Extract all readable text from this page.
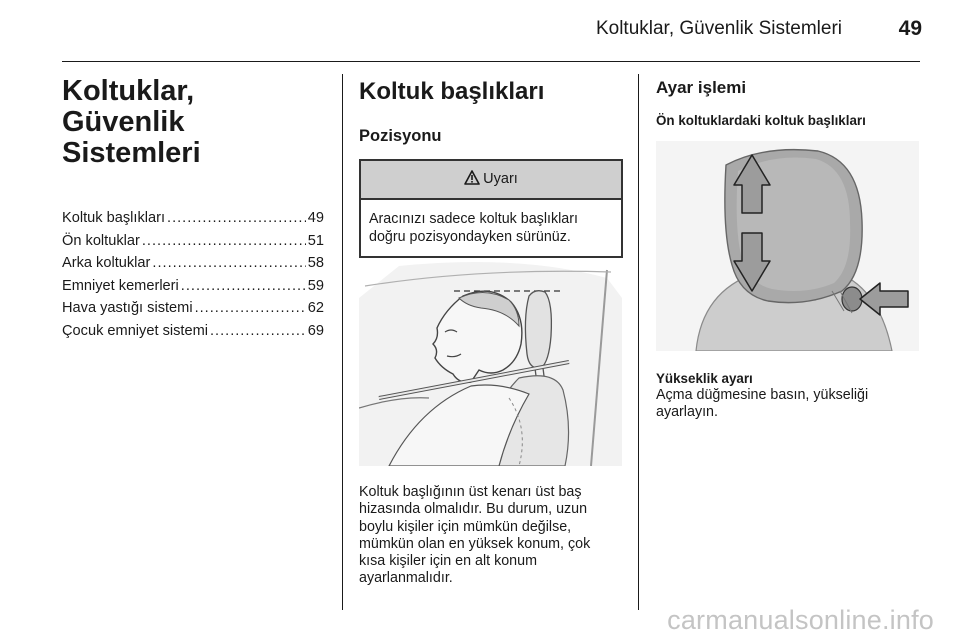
Koltuklar, Güvenlik Sistemleri	49
Koltuklar, Güvenlik
Sistemleri
Koltuk başlıkları .....	49
Ön koltuklar .....	51
Arka koltuklar .....	58
Emniyet kemerleri .....	59
Hava yastığı sistemi .....	62
Çocuk emniyet sistemi .....	69
Koltuk başlıkları
Pozisyonu
Uyarı
Aracınızı sadece koltuk başlıkları
doğru pozisyondayken sürünüz.
Koltuk başlığının üst kenarı üst baş
hizasında olmalıdır. Bu durum, uzun
boylu kişiler için mümkün değilse,
mümkün olan en yüksek konum, çok
kısa kişiler için en alt konum
ayarlanmalıdır.
Ayar işlemi
Ön koltuklardaki koltuk başlıkları
Yükseklik ayarı
Açma düğmesine basın, yükseliği
ayarlayın.
carmanualsonline.info
